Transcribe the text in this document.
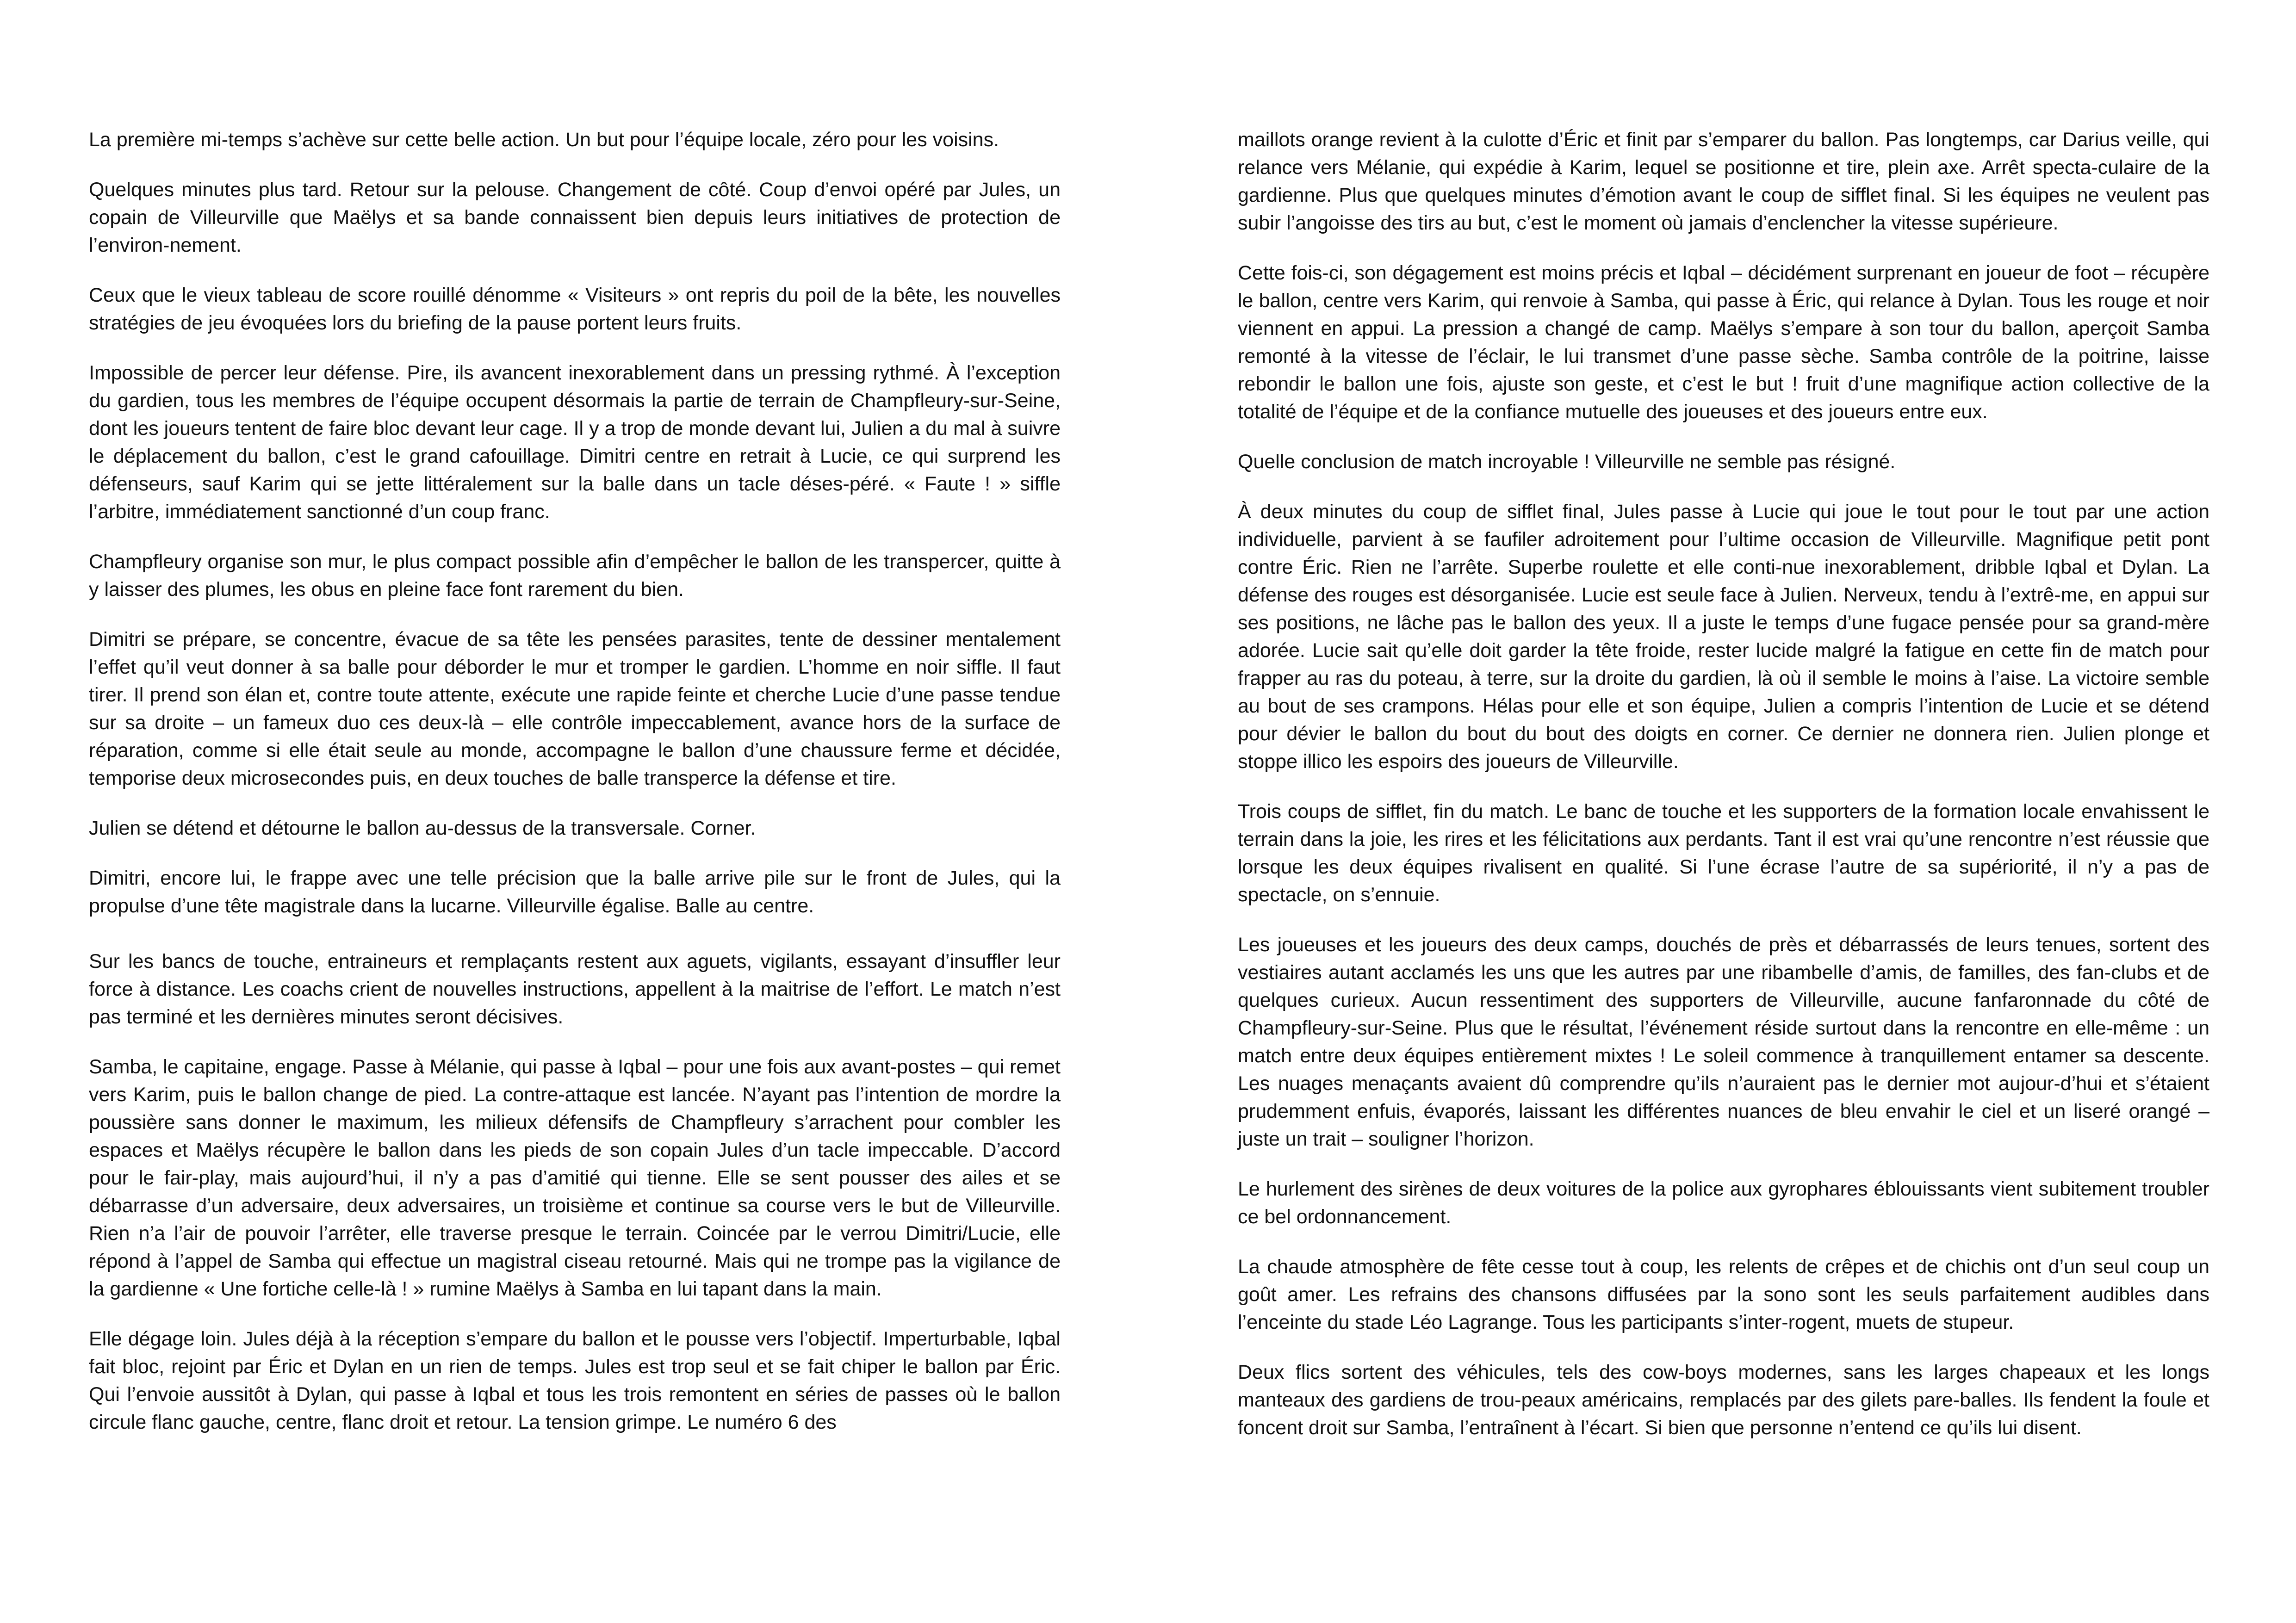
La première mi-temps s’achève sur cette belle action. Un but pour l’équipe locale, zéro pour les voisins.

Quelques minutes plus tard. Retour sur la pelouse. Changement de côté. Coup d’envoi opéré par Jules, un copain de Villeurville que Maëlys et sa bande connaissent bien depuis leurs initiatives de protection de l’environ-nement.

Ceux que le vieux tableau de score rouillé dénomme « Visiteurs » ont repris du poil de la bête, les nouvelles stratégies de jeu évoquées lors du briefing de la pause portent leurs fruits.

Impossible de percer leur défense. Pire, ils avancent inexorablement dans un pressing rythmé. À l’exception du gardien, tous les membres de l’équipe occupent désormais la partie de terrain de Champfleury-sur-Seine, dont les joueurs tentent de faire bloc devant leur cage. Il y a trop de monde devant lui, Julien a du mal à suivre le déplacement du ballon, c’est le grand cafouillage. Dimitri centre en retrait à Lucie, ce qui surprend les défenseurs, sauf Karim qui se jette littéralement sur la balle dans un tacle déses-péré. « Faute ! » siffle l’arbitre, immédiatement sanctionné d’un coup franc.

Champfleury organise son mur, le plus compact possible afin d’empêcher le ballon de les transpercer, quitte à y laisser des plumes, les obus en pleine face font rarement du bien.

Dimitri se prépare, se concentre, évacue de sa tête les pensées parasites, tente de dessiner mentalement l’effet qu’il veut donner à sa balle pour déborder le mur et tromper le gardien. L’homme en noir siffle. Il faut tirer. Il prend son élan et, contre toute attente, exécute une rapide feinte et cherche Lucie d’une passe tendue sur sa droite – un fameux duo ces deux-là – elle contrôle impeccablement, avance hors de la surface de réparation, comme si elle était seule au monde, accompagne le ballon d’une chaussure ferme et décidée, temporise deux microsecondes puis, en deux touches de balle transperce la défense et tire.

Julien se détend et détourne le ballon au-dessus de la transversale. Corner.

Dimitri, encore lui, le frappe avec une telle précision que la balle arrive pile sur le front de Jules, qui la propulse d’une tête magistrale dans la lucarne. Villeurville égalise. Balle au centre.

Sur les bancs de touche, entraineurs et remplaçants restent aux aguets, vigilants, essayant d’insuffler leur force à distance. Les coachs crient de nouvelles instructions, appellent à la maitrise de l’effort. Le match n’est pas terminé et les dernières minutes seront décisives.

Samba, le capitaine, engage. Passe à Mélanie, qui passe à Iqbal – pour une fois aux avant-postes – qui remet vers Karim, puis le ballon change de pied. La contre-attaque est lancée. N’ayant pas l’intention de mordre la poussière sans donner le maximum, les milieux défensifs de Champfleury s’arrachent pour combler les espaces et Maëlys récupère le ballon dans les pieds de son copain Jules d’un tacle impeccable. D’accord pour le fair-play, mais aujourd’hui, il n’y a pas d’amitié qui tienne. Elle se sent pousser des ailes et se débarrasse d’un adversaire, deux adversaires, un troisième et continue sa course vers le but de Villeurville. Rien n’a l’air de pouvoir l’arrêter, elle traverse presque le terrain. Coincée par le verrou Dimitri/Lucie, elle répond à l’appel de Samba qui effectue un magistral ciseau retourné. Mais qui ne trompe pas la vigilance de la gardienne « Une fortiche celle-là ! » rumine Maëlys à Samba en lui tapant dans la main.

Elle dégage loin. Jules déjà à la réception s’empare du ballon et le pousse vers l’objectif. Imperturbable, Iqbal fait bloc, rejoint par Éric et Dylan en un rien de temps. Jules est trop seul et se fait chiper le ballon par Éric. Qui l’envoie aussitôt à Dylan, qui passe à Iqbal et tous les trois remontent en séries de passes où le ballon circule flanc gauche, centre, flanc droit et retour. La tension grimpe. Le numéro 6 des

maillots orange revient à la culotte d’Éric et finit par s’emparer du ballon. Pas longtemps, car Darius veille, qui relance vers Mélanie, qui expédie à Karim, lequel se positionne et tire, plein axe. Arrêt specta-culaire de la gardienne. Plus que quelques minutes d’émotion avant le coup de sifflet final. Si les équipes ne veulent pas subir l’angoisse des tirs au but, c’est le moment où jamais d’enclencher la vitesse supérieure.

Cette fois-ci, son dégagement est moins précis et Iqbal – décidément surprenant en joueur de foot – récupère le ballon, centre vers Karim, qui renvoie à Samba, qui passe à Éric, qui relance à Dylan. Tous les rouge et noir viennent en appui. La pression a changé de camp. Maëlys s’empare à son tour du ballon, aperçoit Samba remonté à la vitesse de l’éclair, le lui transmet d’une passe sèche. Samba contrôle de la poitrine, laisse rebondir le ballon une fois, ajuste son geste, et c’est le but ! fruit d’une magnifique action collective de la totalité de l’équipe et de la confiance mutuelle des joueuses et des joueurs entre eux.

Quelle conclusion de match incroyable ! Villeurville ne semble pas résigné.

À deux minutes du coup de sifflet final, Jules passe à Lucie qui joue le tout pour le tout par une action individuelle, parvient à se faufiler adroitement pour l’ultime occasion de Villeurville. Magnifique petit pont contre Éric. Rien ne l’arrête. Superbe roulette et elle conti-nue inexorablement, dribble Iqbal et Dylan. La défense des rouges est désorganisée. Lucie est seule face à Julien. Nerveux, tendu à l’extrê-me, en appui sur ses positions, ne lâche pas le ballon des yeux. Il a juste le temps d’une fugace pensée pour sa grand-mère adorée. Lucie sait qu’elle doit garder la tête froide, rester lucide malgré la fatigue en cette fin de match pour frapper au ras du poteau, à terre, sur la droite du gardien, là où il semble le moins à l’aise. La victoire semble au bout de ses crampons. Hélas pour elle et son équipe, Julien a compris l’intention de Lucie et se détend pour dévier le ballon du bout du bout des doigts en corner. Ce dernier ne donnera rien. Julien plonge et stoppe illico les espoirs des joueurs de Villeurville.

Trois coups de sifflet, fin du match. Le banc de touche et les supporters de la formation locale envahissent le terrain dans la joie, les rires et les félicitations aux perdants. Tant il est vrai qu’une rencontre n’est réussie que lorsque les deux équipes rivalisent en qualité. Si l’une écrase l’autre de sa supériorité, il n’y a pas de spectacle, on s’ennuie.

Les joueuses et les joueurs des deux camps, douchés de près et débarrassés de leurs tenues, sortent des vestiaires autant acclamés les uns que les autres par une ribambelle d’amis, de familles, des fan-clubs et de quelques curieux. Aucun ressentiment des supporters de Villeurville, aucune fanfaronnade du côté de Champfleury-sur-Seine. Plus que le résultat, l’événement réside surtout dans la rencontre en elle-même : un match entre deux équipes entièrement mixtes ! Le soleil commence à tranquillement entamer sa descente. Les nuages menaçants avaient dû comprendre qu’ils n’auraient pas le dernier mot aujour-d’hui et s’étaient prudemment enfuis, évaporés, laissant les différentes nuances de bleu envahir le ciel et un liseré orangé – juste un trait – souligner l’horizon.

Le hurlement des sirènes de deux voitures de la police aux gyrophares éblouissants vient subitement troubler ce bel ordonnancement.

La chaude atmosphère de fête cesse tout à coup, les relents de crêpes et de chichis ont d’un seul coup un goût amer. Les refrains des chansons diffusées par la sono sont les seuls parfaitement audibles dans l’enceinte du stade Léo Lagrange. Tous les participants s’inter-rogent, muets de stupeur.

Deux flics sortent des véhicules, tels des cow-boys modernes, sans les larges chapeaux et les longs manteaux des gardiens de trou-peaux américains, remplacés par des gilets pare-balles. Ils fendent la foule et foncent droit sur Samba, l’entraînent à l’écart. Si bien que personne n’entend ce qu’ils lui disent.
